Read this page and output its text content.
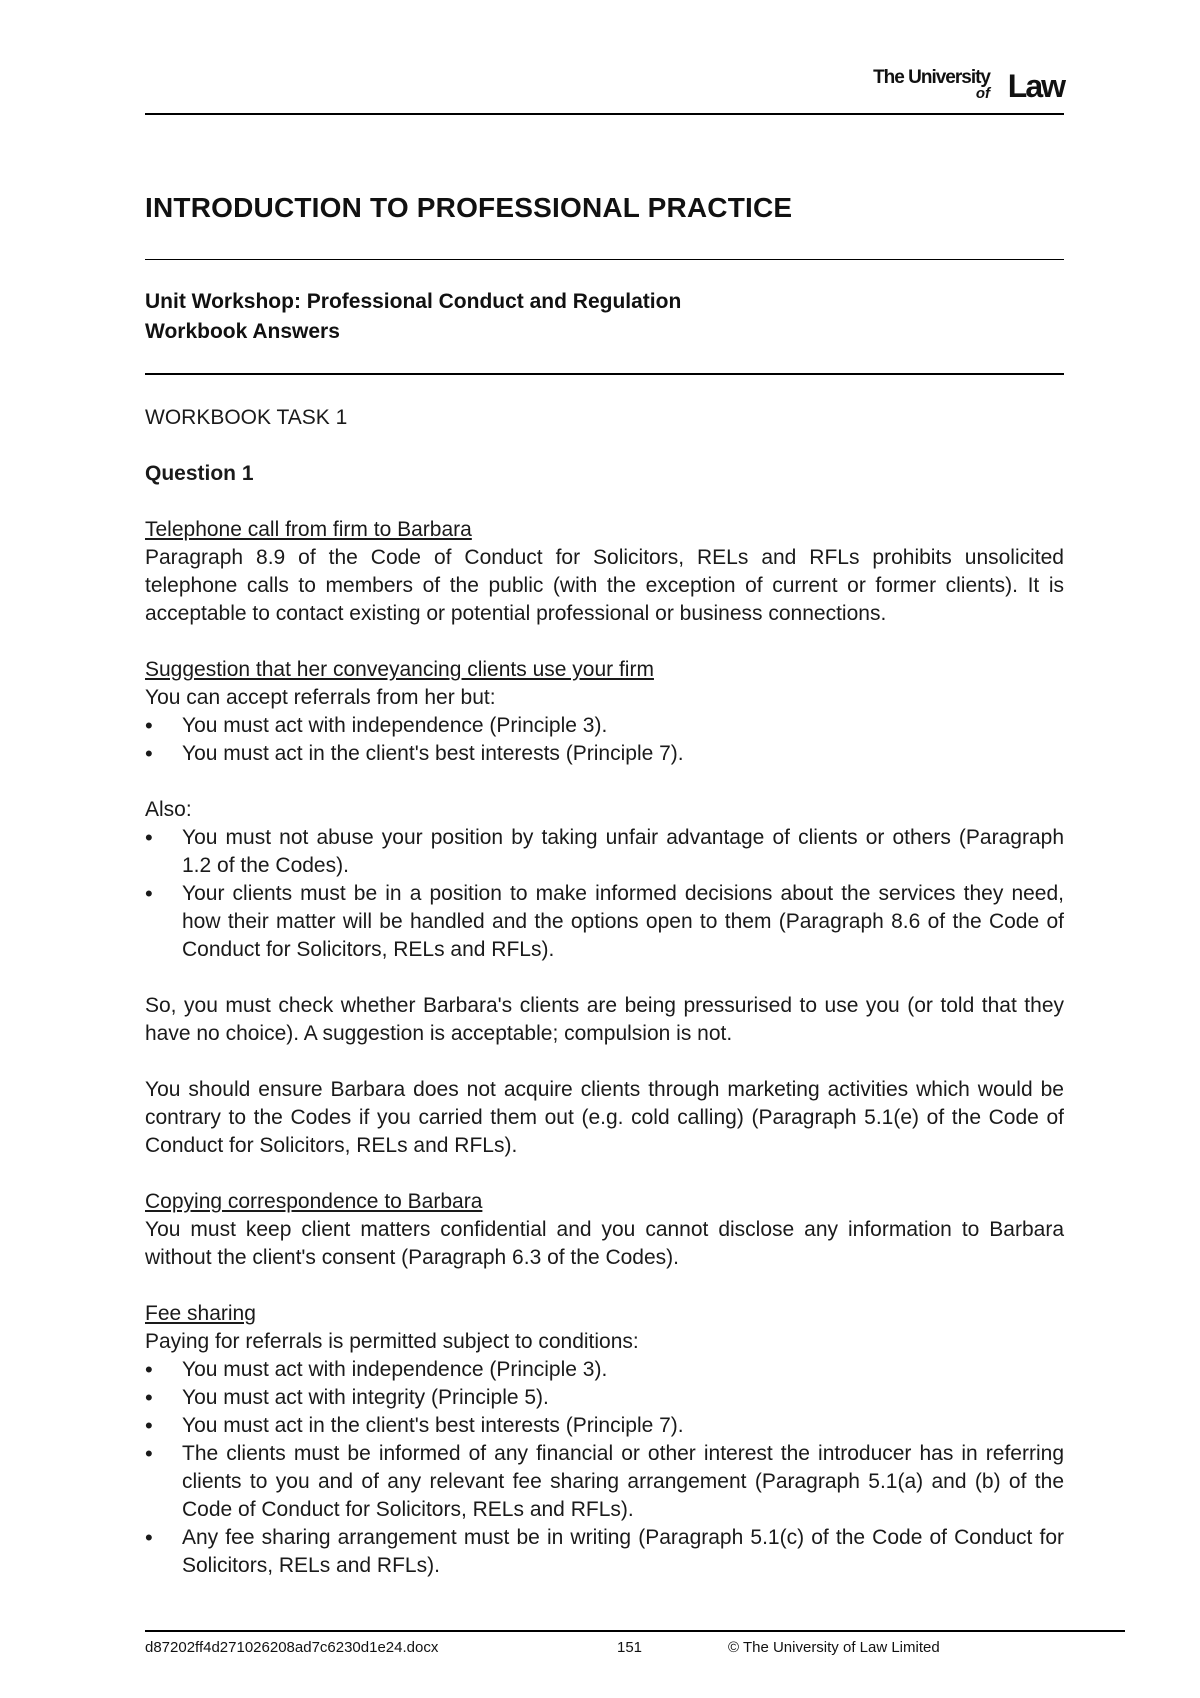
The University
of Law
INTRODUCTION TO PROFESSIONAL PRACTICE

Unit Workshop: Professional Conduct and Regulation

Workbook Answers

WORKBOOK TASK 1

Question 1

Telephone call from firm to Barbara

Paragraph 8.9 of the Code of Conduct for Solicitors, RELs and RFLs prohibits unsolicited telephone calls to members of the public (with the exception of current or former clients). It is acceptable to contact existing or potential professional or business connections.

Suggestion that her conveyancing clients use your firm

You can accept referrals from her but:

• You must act with independence (Principle 3).
• You must act in the client's best interests (Principle 7).

Also:

• You must not abuse your position by taking unfair advantage of clients or others (Paragraph 1.2 of the Codes).
• Your clients must be in a position to make informed decisions about the services they need, how their matter will be handled and the options open to them (Paragraph 8.6 of the Code of Conduct for Solicitors, RELs and RFLs).

So, you must check whether Barbara's clients are being pressurised to use you (or told that they have no choice). A suggestion is acceptable; compulsion is not.

You should ensure Barbara does not acquire clients through marketing activities which would be contrary to the Codes if you carried them out (e.g. cold calling) (Paragraph 5.1(e) of the Code of Conduct for Solicitors, RELs and RFLs).

Copying correspondence to Barbara

You must keep client matters confidential and you cannot disclose any information to Barbara without the client's consent (Paragraph 6.3 of the Codes).

Fee sharing

Paying for referrals is permitted subject to conditions:

• You must act with independence (Principle 3).
• You must act with integrity (Principle 5).
• You must act in the client's best interests (Principle 7).
• The clients must be informed of any financial or other interest the introducer has in referring clients to you and of any relevant fee sharing arrangement (Paragraph 5.1(a) and (b) of the Code of Conduct for Solicitors, RELs and RFLs).
• Any fee sharing arrangement must be in writing (Paragraph 5.1(c) of the Code of Conduct for Solicitors, RELs and RFLs).
d87202ff4d271026208ad7c6230d1e24.docx	151	© The University of Law Limited
